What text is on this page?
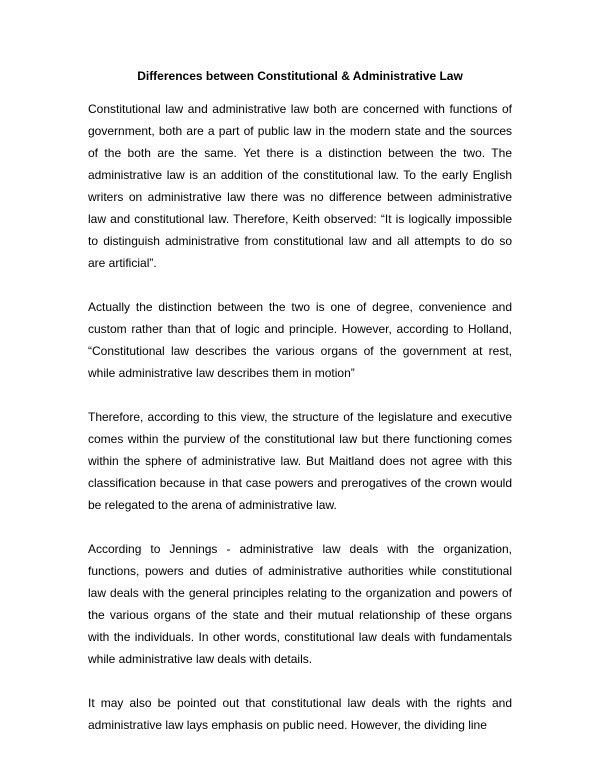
Differences between Constitutional & Administrative Law

Constitutional law and administrative law both are concerned with functions of government, both are a part of public law in the modern state and the sources of the both are the same. Yet there is a distinction between the two. The administrative law is an addition of the constitutional law. To the early English writers on administrative law there was no difference between administrative law and constitutional law. Therefore, Keith observed: “It is logically impossible to distinguish administrative from constitutional law and all attempts to do so are artificial”.

Actually the distinction between the two is one of degree, convenience and custom rather than that of logic and principle. However, according to Holland, “Constitutional law describes the various organs of the government at rest, while administrative law describes them in motion”

Therefore, according to this view, the structure of the legislature and executive comes within the purview of the constitutional law but there functioning comes within the sphere of administrative law. But Maitland does not agree with this classification because in that case powers and prerogatives of the crown would be relegated to the arena of administrative law.

According to Jennings - administrative law deals with the organization, functions, powers and duties of administrative authorities while constitutional law deals with the general principles relating to the organization and powers of the various organs of the state and their mutual relationship of these organs with the individuals. In other words, constitutional law deals with fundamentals while administrative law deals with details.

It may also be pointed out that constitutional law deals with the rights and administrative law lays emphasis on public need. However, the dividing line
